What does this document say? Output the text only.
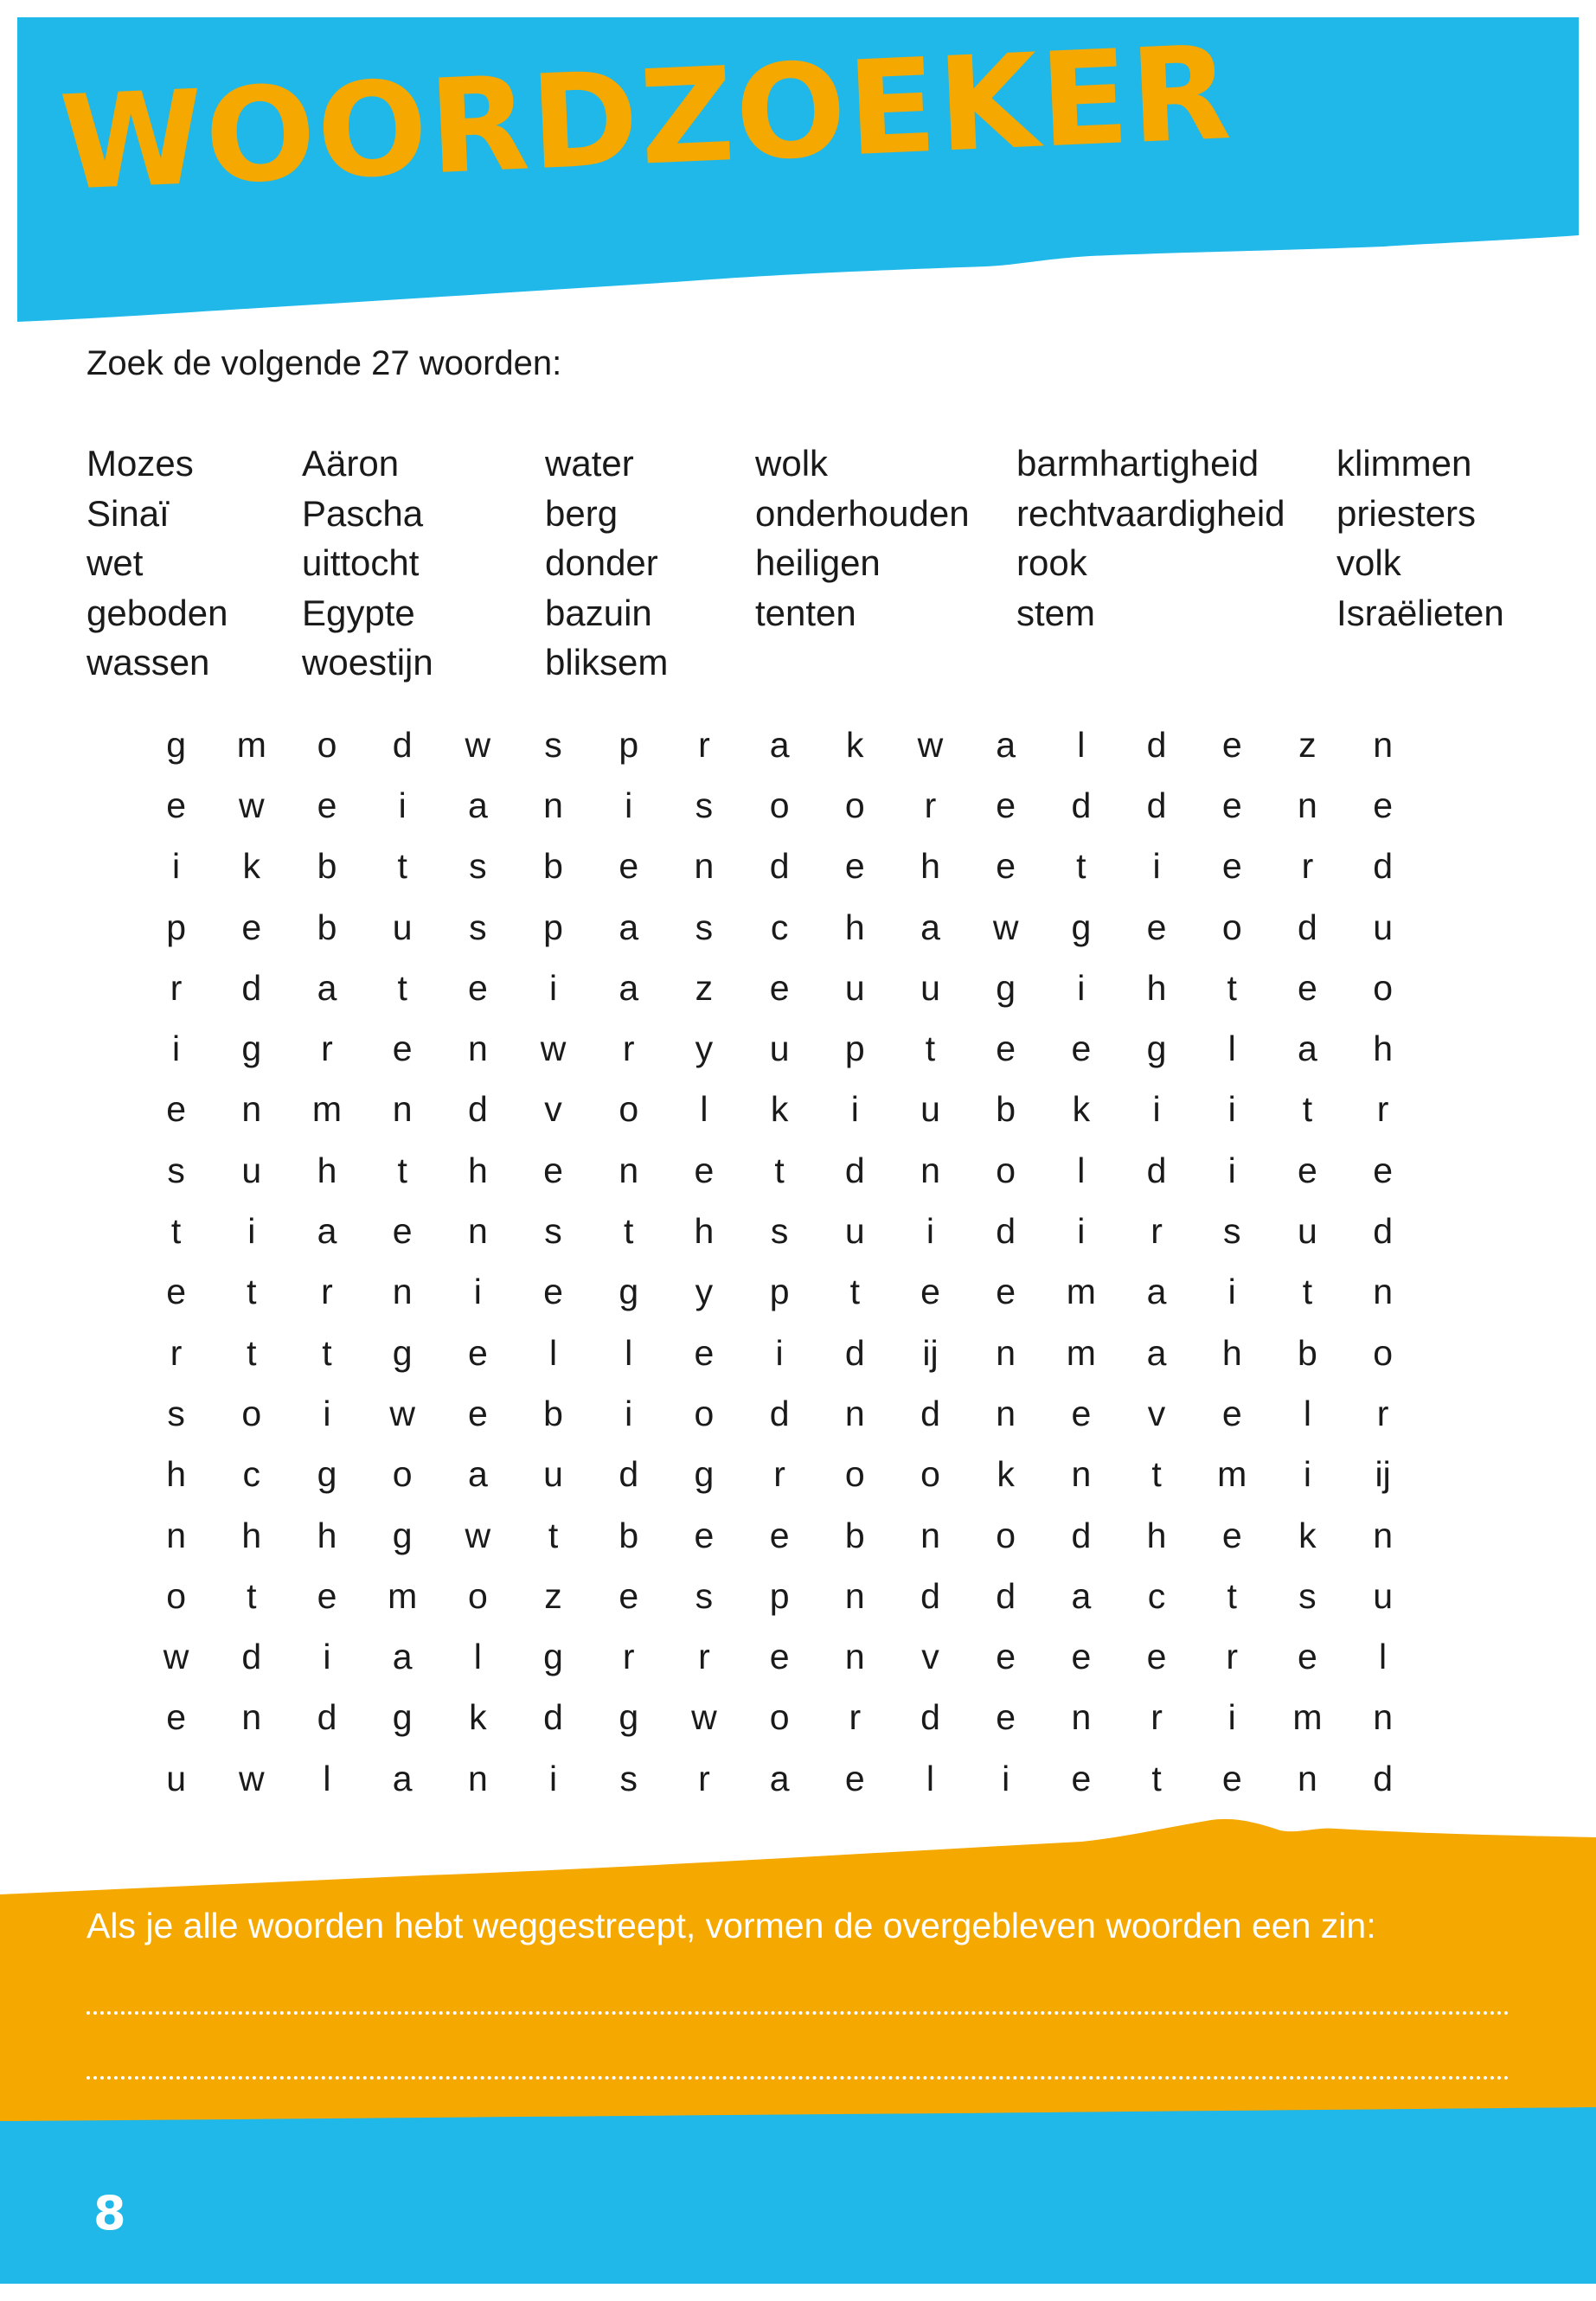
WOORDZOEKER
Zoek de volgende 27 woorden:
Mozes
Sinaï
wet
geboden
wassen
Aäron
Pascha
uittocht
Egypte
woestijn
water
berg
donder
bazuin
bliksem
wolk
onderhouden
heiligen
tenten
barmhartigheid
rechtvaardigheid
rook
stem
klimmen
priesters
volk
Israëlieten
g	m	o	d	w	s	p	r	a	k	w	a	l	d	e	z	n
e	w	e	i	a	n	i	s	o	o	r	e	d	d	e	n	e
i	k	b	t	s	b	e	n	d	e	h	e	t	i	e	r	d
p	e	b	u	s	p	a	s	c	h	a	w	g	e	o	d	u
r	d	a	t	e	i	a	z	e	u	u	g	i	h	t	e	o
i	g	r	e	n	w	r	y	u	p	t	e	e	g	l	a	h
e	n	m	n	d	v	o	l	k	i	u	b	k	i	i	t	r
s	u	h	t	h	e	n	e	t	d	n	o	l	d	i	e	e
t	i	a	e	n	s	t	h	s	u	i	d	i	r	s	u	d
e	t	r	n	i	e	g	y	p	t	e	e	m	a	i	t	n
r	t	t	g	e	l	l	e	i	d	ij	n	m	a	h	b	o
s	o	i	w	e	b	i	o	d	n	d	n	e	v	e	l	r
h	c	g	o	a	u	d	g	r	o	o	k	n	t	m	i	ij
n	h	h	g	w	t	b	e	e	b	n	o	d	h	e	k	n
o	t	e	m	o	z	e	s	p	n	d	d	a	c	t	s	u
w	d	i	a	l	g	r	r	e	n	v	e	e	e	r	e	l
e	n	d	g	k	d	g	w	o	r	d	e	n	r	i	m	n
u	w	l	a	n	i	s	r	a	e	l	i	e	t	e	n	d
Als je alle woorden hebt weggestreept, vormen de overgebleven woorden een zin:
8
